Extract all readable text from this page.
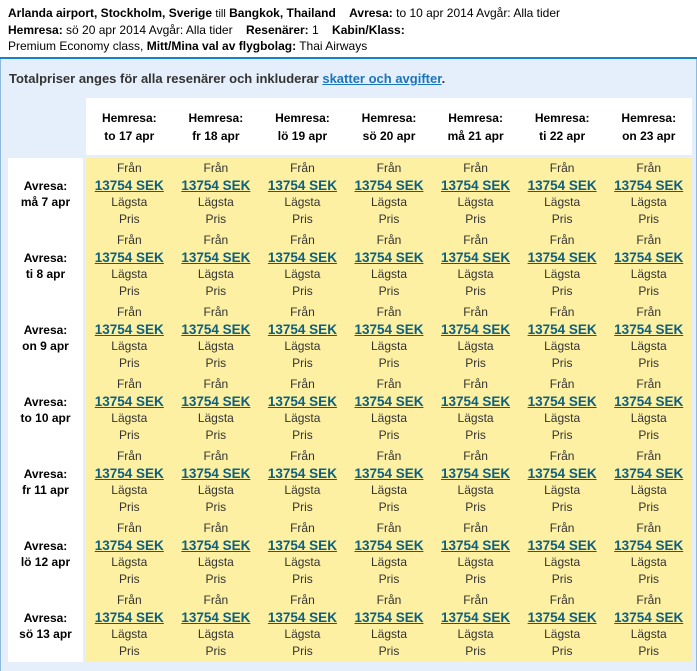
Arlanda airport, Stockholm, Sverige till Bangkok, Thailand Avresa: to 10 apr 2014 Avgår: Alla tider
Hemresa: sö 20 apr 2014 Avgår: Alla tider Resenärer: 1 Kabin/Klass:
Premium Economy class, Mitt/Mina val av flygbolag: Thai Airways
Totalpriser anges för alla resenärer och inkluderar skatter och avgifter.
Hemresa:
to 17 apr
Hemresa:
fr 18 apr
Hemresa:
lö 19 apr
Hemresa:
sö 20 apr
Hemresa:
må 21 apr
Hemresa:
ti 22 apr
Hemresa:
on 23 apr
Avresa:
må 7 apr
Avresa:
ti 8 apr
Avresa:
on 9 apr
Avresa:
to 10 apr
Avresa:
fr 11 apr
Avresa:
lö 12 apr
Avresa:
sö 13 apr
Från
13754 SEK
Lägsta
Pris
Från
13754 SEK
Lägsta
Pris
Från
13754 SEK
Lägsta
Pris
Från
13754 SEK
Lägsta
Pris
Från
13754 SEK
Lägsta
Pris
Från
13754 SEK
Lägsta
Pris
Från
13754 SEK
Lägsta
Pris
Från
13754 SEK
Lägsta
Pris
Från
13754 SEK
Lägsta
Pris
Från
13754 SEK
Lägsta
Pris
Från
13754 SEK
Lägsta
Pris
Från
13754 SEK
Lägsta
Pris
Från
13754 SEK
Lägsta
Pris
Från
13754 SEK
Lägsta
Pris
Från
13754 SEK
Lägsta
Pris
Från
13754 SEK
Lägsta
Pris
Från
13754 SEK
Lägsta
Pris
Från
13754 SEK
Lägsta
Pris
Från
13754 SEK
Lägsta
Pris
Från
13754 SEK
Lägsta
Pris
Från
13754 SEK
Lägsta
Pris
Från
13754 SEK
Lägsta
Pris
Från
13754 SEK
Lägsta
Pris
Från
13754 SEK
Lägsta
Pris
Från
13754 SEK
Lägsta
Pris
Från
13754 SEK
Lägsta
Pris
Från
13754 SEK
Lägsta
Pris
Från
13754 SEK
Lägsta
Pris
Från
13754 SEK
Lägsta
Pris
Från
13754 SEK
Lägsta
Pris
Från
13754 SEK
Lägsta
Pris
Från
13754 SEK
Lägsta
Pris
Från
13754 SEK
Lägsta
Pris
Från
13754 SEK
Lägsta
Pris
Från
13754 SEK
Lägsta
Pris
Från
13754 SEK
Lägsta
Pris
Från
13754 SEK
Lägsta
Pris
Från
13754 SEK
Lägsta
Pris
Från
13754 SEK
Lägsta
Pris
Från
13754 SEK
Lägsta
Pris
Från
13754 SEK
Lägsta
Pris
Från
13754 SEK
Lägsta
Pris
Från
13754 SEK
Lägsta
Pris
Från
13754 SEK
Lägsta
Pris
Från
13754 SEK
Lägsta
Pris
Från
13754 SEK
Lägsta
Pris
Från
13754 SEK
Lägsta
Pris
Från
13754 SEK
Lägsta
Pris
Från
13754 SEK
Lägsta
Pris
